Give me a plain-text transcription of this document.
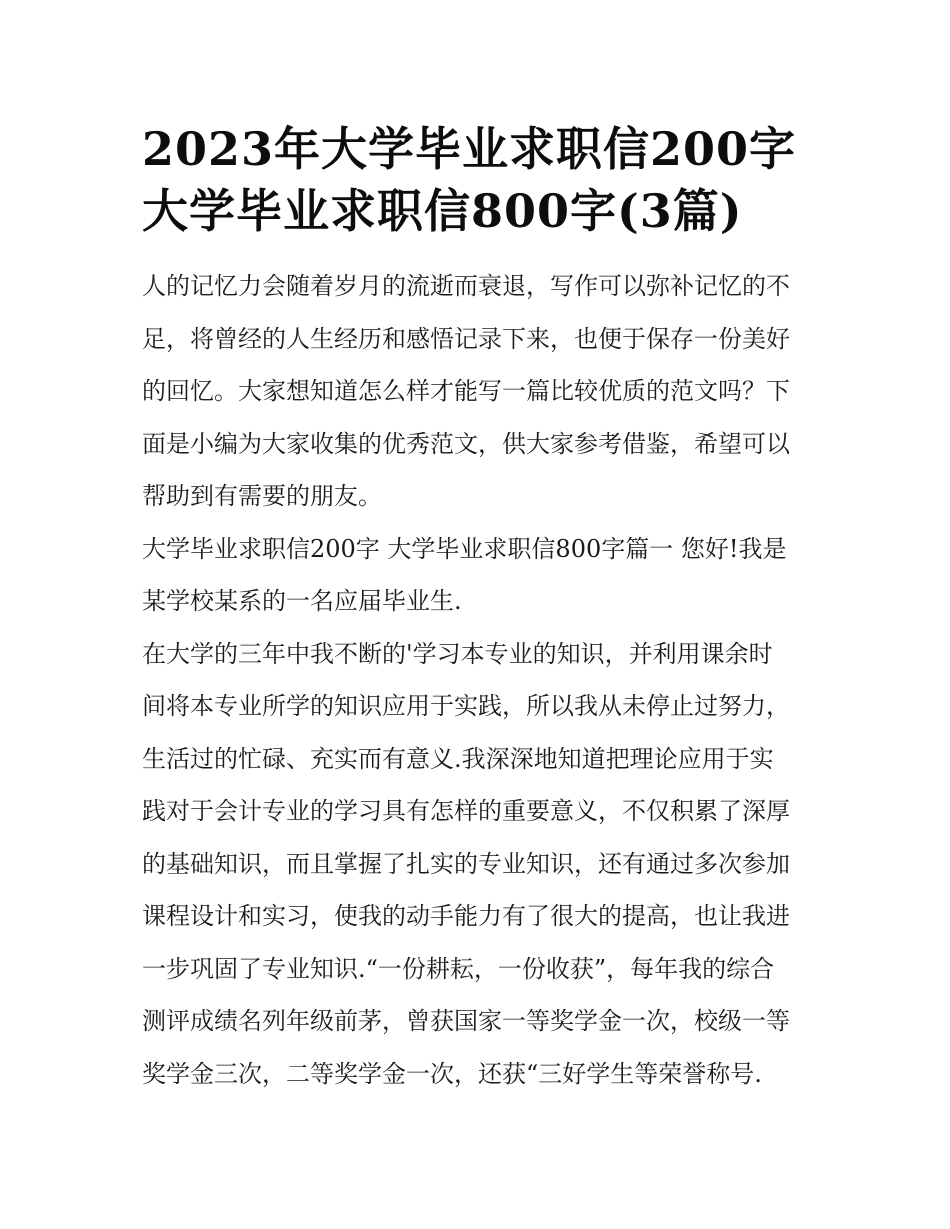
2023年大学毕业求职信200字
大学毕业求职信800字(3篇)

人的记忆力会随着岁月的流逝而衰退，写作可以弥补记忆的不
足，将曾经的人生经历和感悟记录下来，也便于保存一份美好
的回忆。大家想知道怎么样才能写一篇比较优质的范文吗？下
面是小编为大家收集的优秀范文，供大家参考借鉴，希望可以
帮助到有需要的朋友。

大学毕业求职信200字 大学毕业求职信800字篇一 您好!我是
某学校某系的一名应届毕业生.

在大学的三年中我不断的'学习本专业的知识，并利用课余时
间将本专业所学的知识应用于实践，所以我从未停止过努力，
生活过的忙碌、充实而有意义.我深深地知道把理论应用于实
践对于会计专业的学习具有怎样的重要意义，不仅积累了深厚
的基础知识，而且掌握了扎实的专业知识，还有通过多次参加
课程设计和实习，使我的动手能力有了很大的提高，也让我进
一步巩固了专业知识.“一份耕耘，一份收获”，每年我的综合
测评成绩名列年级前茅，曾获国家一等奖学金一次，校级一等
奖学金三次，二等奖学金一次，还获“三好学生等荣誉称号.
